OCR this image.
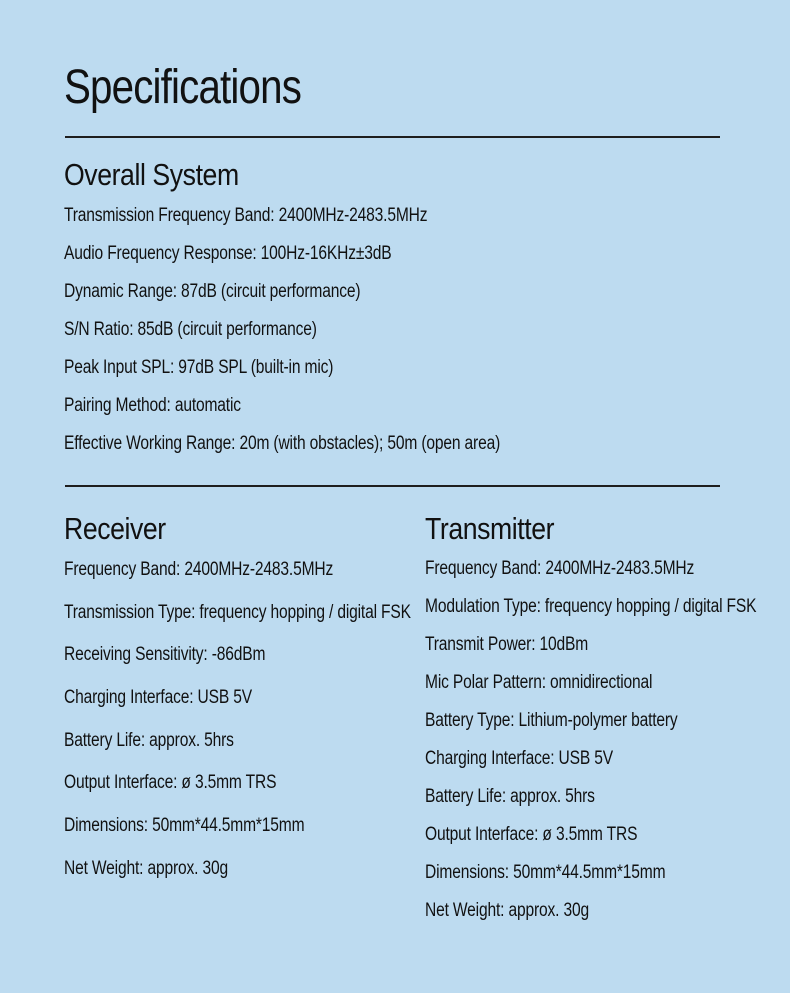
Specifications
Overall System
Transmission Frequency Band: 2400MHz-2483.5MHz
Audio Frequency Response: 100Hz-16KHz±3dB
Dynamic Range: 87dB (circuit performance)
S/N Ratio: 85dB (circuit performance)
Peak Input SPL: 97dB SPL (built-in mic)
Pairing Method: automatic
Effective Working Range: 20m (with obstacles); 50m (open area)
Receiver
Frequency Band: 2400MHz-2483.5MHz
Transmission Type: frequency hopping / digital FSK
Receiving Sensitivity: -86dBm
Charging Interface: USB 5V
Battery Life: approx. 5hrs
Output Interface: ø 3.5mm TRS
Dimensions: 50mm*44.5mm*15mm
Net Weight: approx. 30g
Transmitter
Frequency Band: 2400MHz-2483.5MHz
Modulation Type: frequency hopping / digital FSK
Transmit Power: 10dBm
Mic Polar Pattern: omnidirectional
Battery Type: Lithium-polymer battery
Charging Interface: USB 5V
Battery Life: approx. 5hrs
Output Interface: ø 3.5mm TRS
Dimensions: 50mm*44.5mm*15mm
Net Weight: approx. 30g
